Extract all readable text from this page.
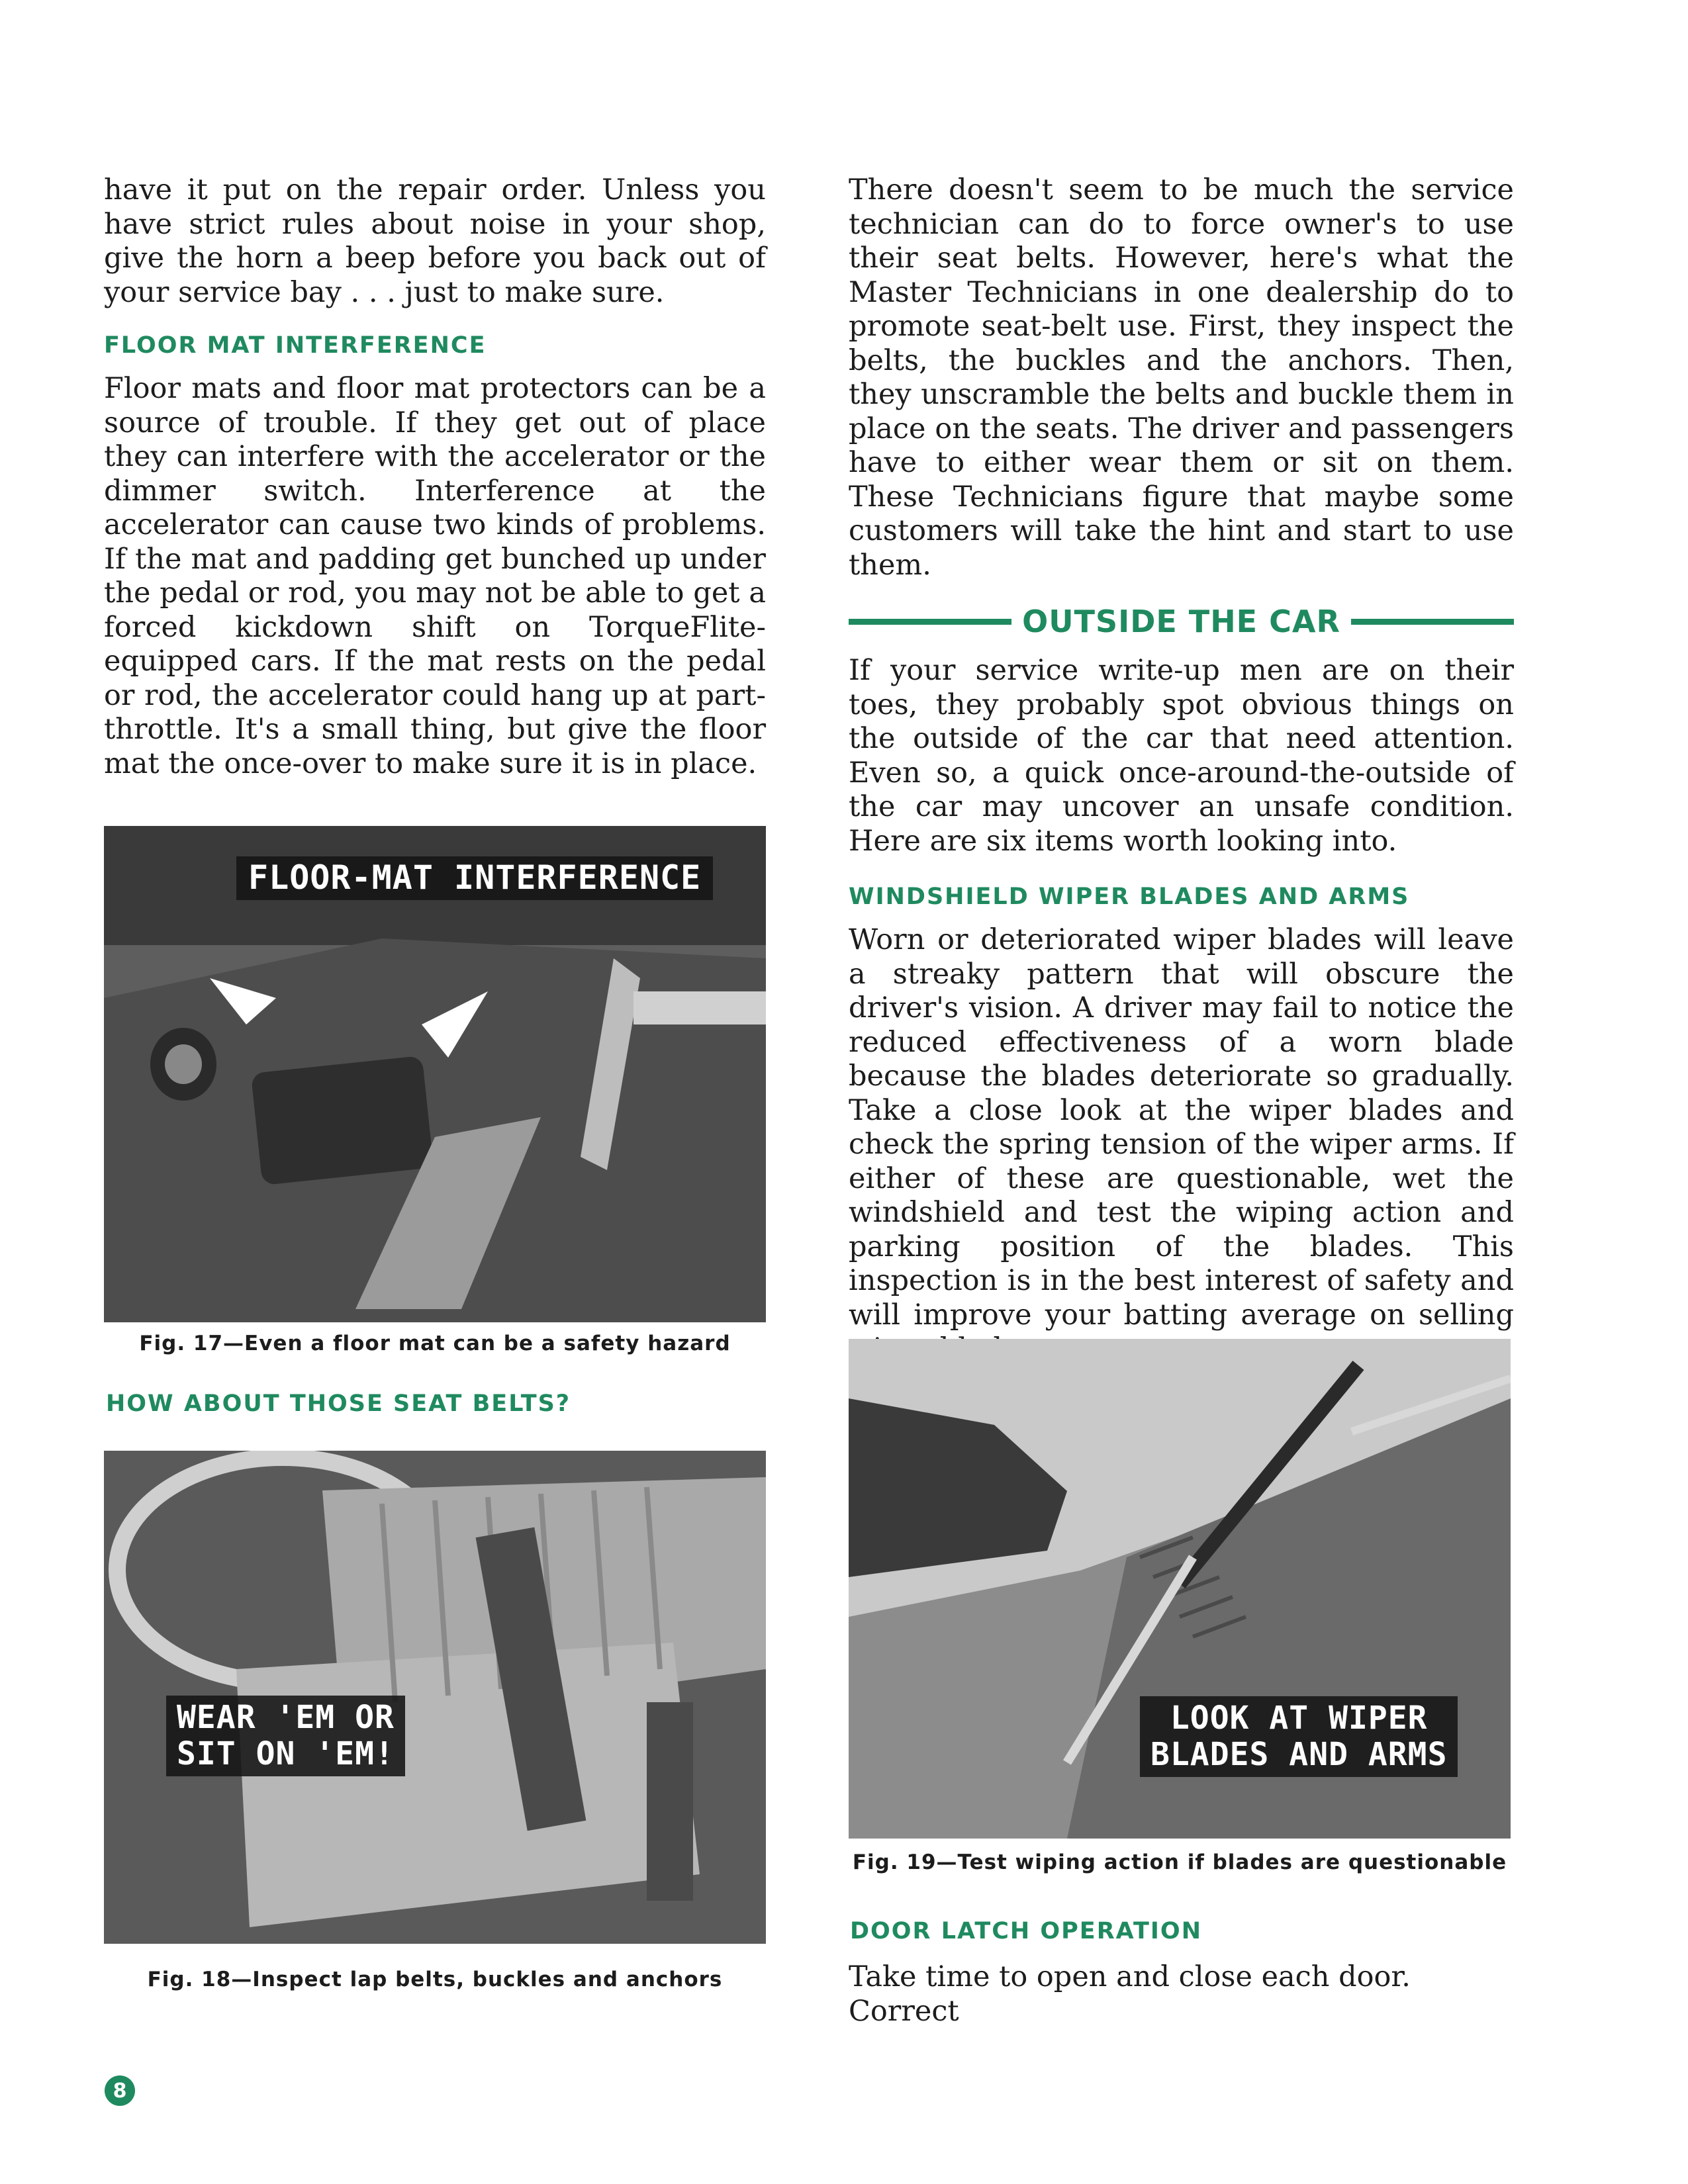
have it put on the repair order. Unless you have strict rules about noise in your shop, give the horn a beep before you back out of your service bay . . . just to make sure.

FLOOR MAT INTERFERENCE

Floor mats and floor mat protectors can be a source of trouble. If they get out of place they can interfere with the accelerator or the dimmer switch. Interference at the accelerator can cause two kinds of problems. If the mat and padding get bunched up under the pedal or rod, you may not be able to get a forced kickdown shift on TorqueFlite-equipped cars. If the mat rests on the pedal or rod, the accelerator could hang up at part-throttle. It's a small thing, but give the floor mat the once-over to make sure it is in place.

FLOOR-MAT INTERFERENCE
Fig. 17—Even a floor mat can be a safety hazard
HOW ABOUT THOSE SEAT BELTS?
WEAR 'EM OR
SIT ON 'EM!
Fig. 18—Inspect lap belts, buckles and anchors

There doesn't seem to be much the service technician can do to force owner's to use their seat belts. However, here's what the Master Technicians in one dealership do to promote seat-belt use. First, they inspect the belts, the buckles and the anchors. Then, they unscramble the belts and buckle them in place on the seats. The driver and passengers have to either wear them or sit on them. These Technicians figure that maybe some customers will take the hint and start to use them.

OUTSIDE THE CAR

If your service write-up men are on their toes, they probably spot obvious things on the outside of the car that need attention. Even so, a quick once-around-the-outside of the car may uncover an unsafe condition. Here are six items worth looking into.

WINDSHIELD WIPER BLADES AND ARMS

Worn or deteriorated wiper blades will leave a streaky pattern that will obscure the driver's vision. A driver may fail to notice the reduced effectiveness of a worn blade because the blades deteriorate so gradually. Take a close look at the wiper blades and check the spring tension of the wiper arms. If either of these are questionable, wet the windshield and test the wiping action and parking position of the blades. This inspection is in the best interest of safety and will improve your batting average on selling

LOOK AT WIPER
BLADES AND ARMS
Fig. 19—Test wiping action if blades are questionable
DOOR LATCH OPERATION

Take time to open and close each door. Correct

8
